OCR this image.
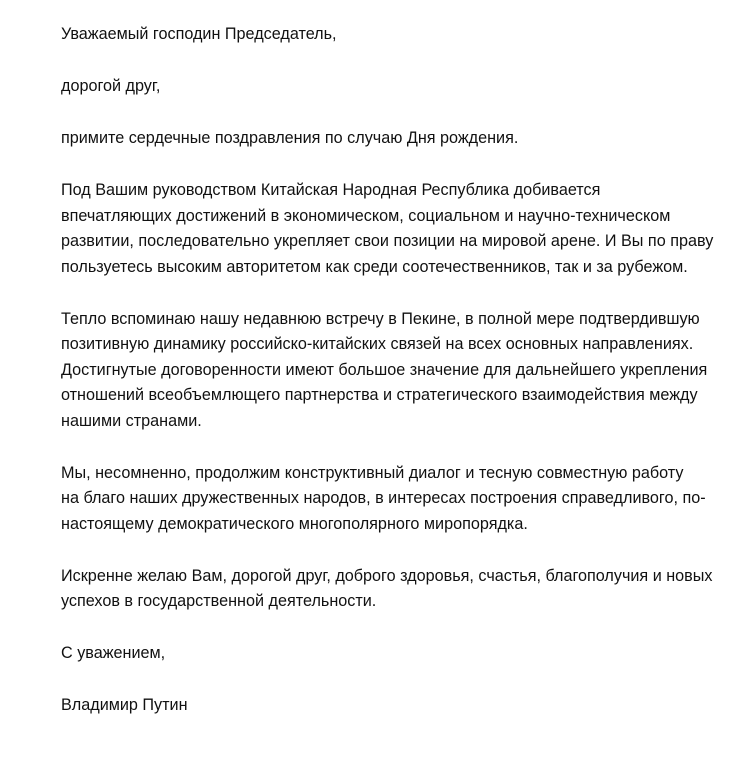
Уважаемый господин Председатель,
дорогой друг,
примите сердечные поздравления по случаю Дня рождения.
Под Вашим руководством Китайская Народная Республика добивается
впечатляющих достижений в экономическом, социальном и научно-техническом
развитии, последовательно укрепляет свои позиции на мировой арене. И Вы по праву
пользуетесь высоким авторитетом как среди соотечественников, так и за рубежом.
Тепло вспоминаю нашу недавнюю встречу в Пекине, в полной мере подтвердившую
позитивную динамику российско-китайских связей на всех основных направлениях.
Достигнутые договоренности имеют большое значение для дальнейшего укрепления
отношений всеобъемлющего партнерства и стратегического взаимодействия между
нашими странами.
Мы, несомненно, продолжим конструктивный диалог и тесную совместную работу
на благо наших дружественных народов, в интересах построения справедливого, по-
настоящему демократического многополярного миропорядка.
Искренне желаю Вам, дорогой друг, доброго здоровья, счастья, благополучия и новых
успехов в государственной деятельности.
С уважением,
Владимир Путин
